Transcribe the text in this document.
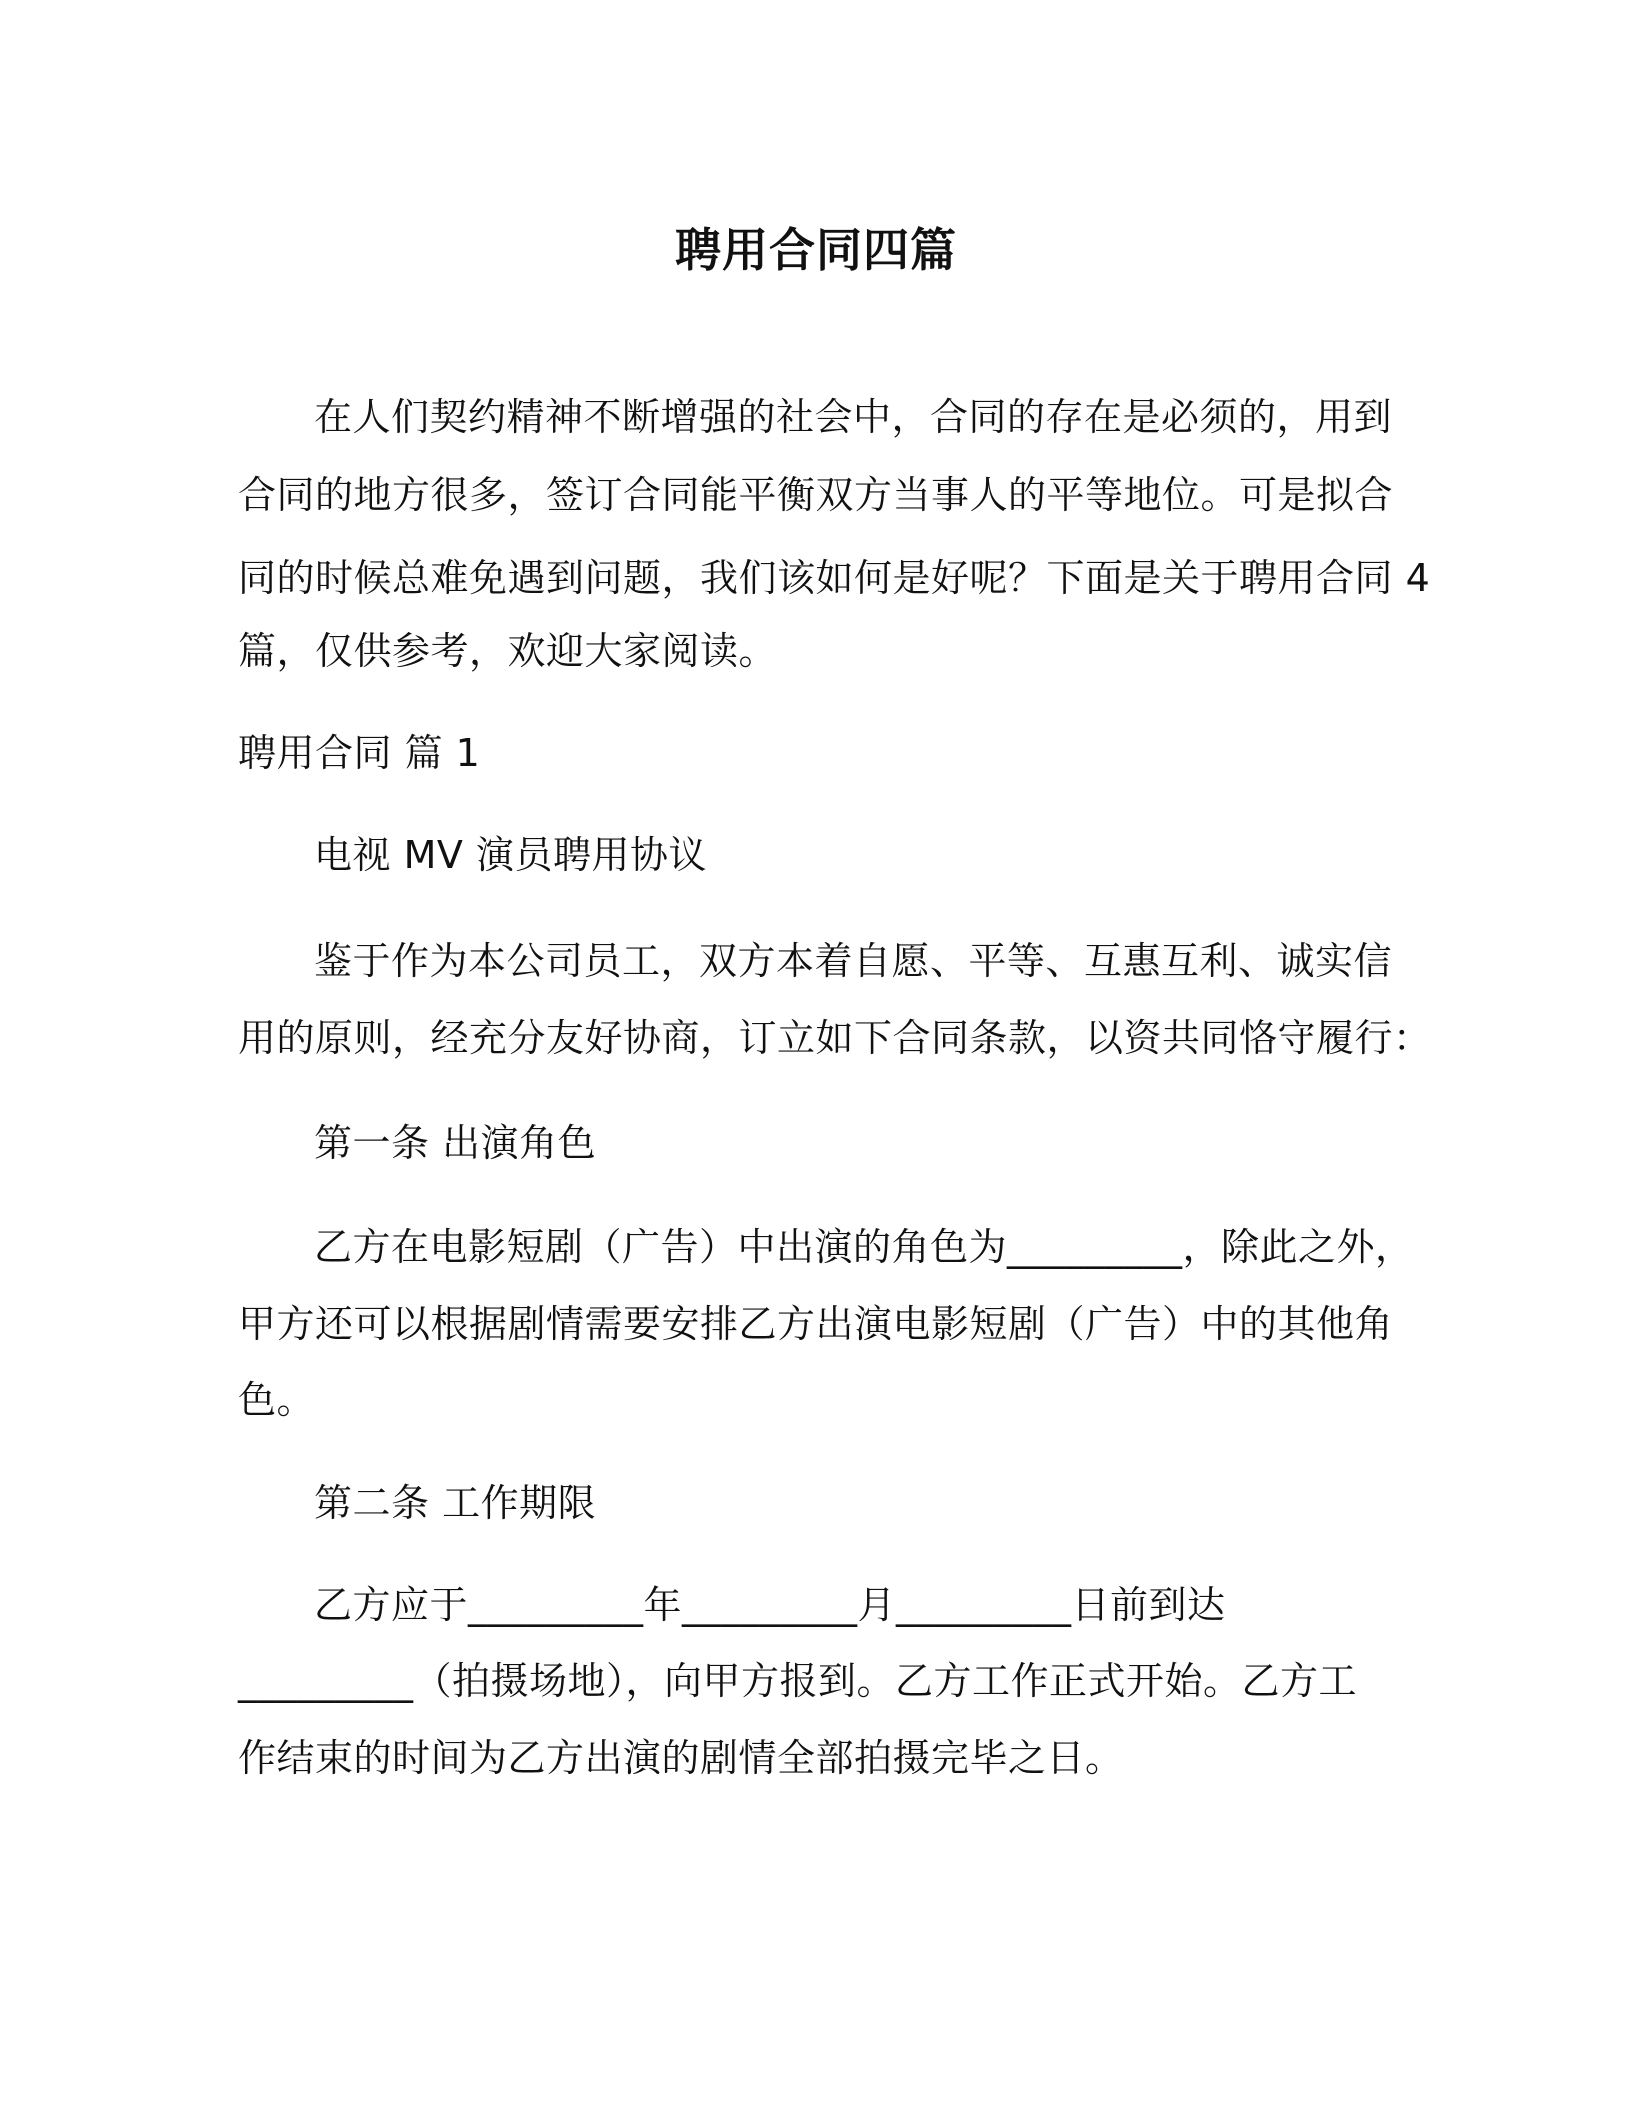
聘用合同四篇
在人们契约精神不断增强的社会中，合同的存在是必须的，用到
合同的地方很多，签订合同能平衡双方当事人的平等地位。可是拟合
同的时候总难免遇到问题，我们该如何是好呢？下面是关于聘用合同 4
篇，仅供参考，欢迎大家阅读。
聘用合同 篇 1
电视 MV 演员聘用协议
鉴于作为本公司员工，双方本着自愿、平等、互惠互利、诚实信
用的原则，经充分友好协商，订立如下合同条款，以资共同恪守履行：
第一条 出演角色
乙方在电影短剧（广告）中出演的角色为_________，除此之外，
甲方还可以根据剧情需要安排乙方出演电影短剧（广告）中的其他角
色。
第二条 工作期限
乙方应于_________年_________月_________日前到达
_________（拍摄场地），向甲方报到。乙方工作正式开始。乙方工
作结束的时间为乙方出演的剧情全部拍摄完毕之日。
